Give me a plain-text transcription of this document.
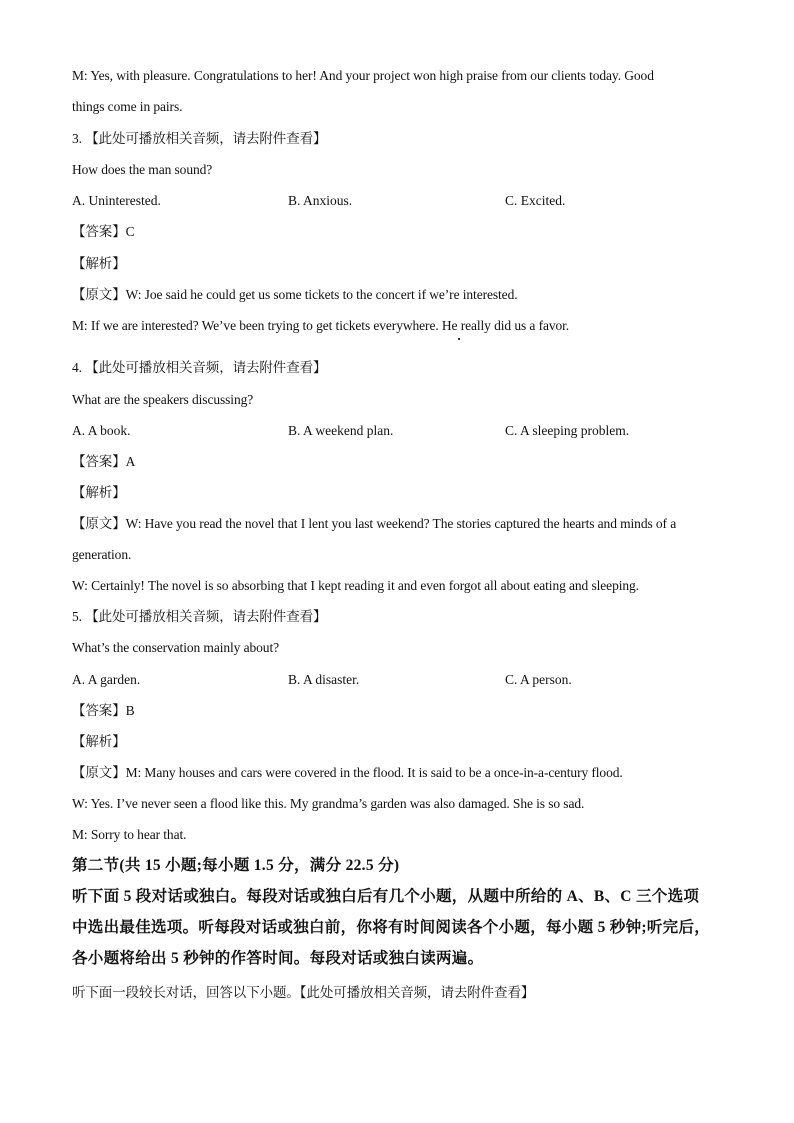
M: Yes, with pleasure. Congratulations to her! And your project won high praise from our clients today. Good
things come in pairs.
3. 【此处可播放相关音频，请去附件查看】
How does the man sound?
A. Uninterested.	B. Anxious.	C. Excited.
【答案】C
【解析】
【原文】W: Joe said he could get us some tickets to the concert if we’re interested.
M: If we are interested? We’ve been trying to get tickets everywhere. He really did us a favor.
4. 【此处可播放相关音频，请去附件查看】
What are the speakers discussing?
A. A book.	B. A weekend plan.	C. A sleeping problem.
【答案】A
【解析】
【原文】W: Have you read the novel that I lent you last weekend? The stories captured the hearts and minds of a
generation.
W: Certainly! The novel is so absorbing that I kept reading it and even forgot all about eating and sleeping.
5. 【此处可播放相关音频，请去附件查看】
What’s the conservation mainly about?
A. A garden.	B. A disaster.	C. A person.
【答案】B
【解析】
【原文】M: Many houses and cars were covered in the flood. It is said to be a once-in-a-century flood.
W: Yes. I’ve never seen a flood like this. My grandma’s garden was also damaged. She is so sad.
M: Sorry to hear that.
第二节(共 15 小题;每小题 1.5 分，满分 22.5 分)
听下面 5 段对话或独白。每段对话或独白后有几个小题，从题中所给的 A、B、C 三个选项
中选出最佳选项。听每段对话或独白前，你将有时间阅读各个小题，每小题 5 秒钟;听完后，
各小题将给出 5 秒钟的作答时间。每段对话或独白读两遍。
听下面一段较长对话，回答以下小题。【此处可播放相关音频，请去附件查看】
